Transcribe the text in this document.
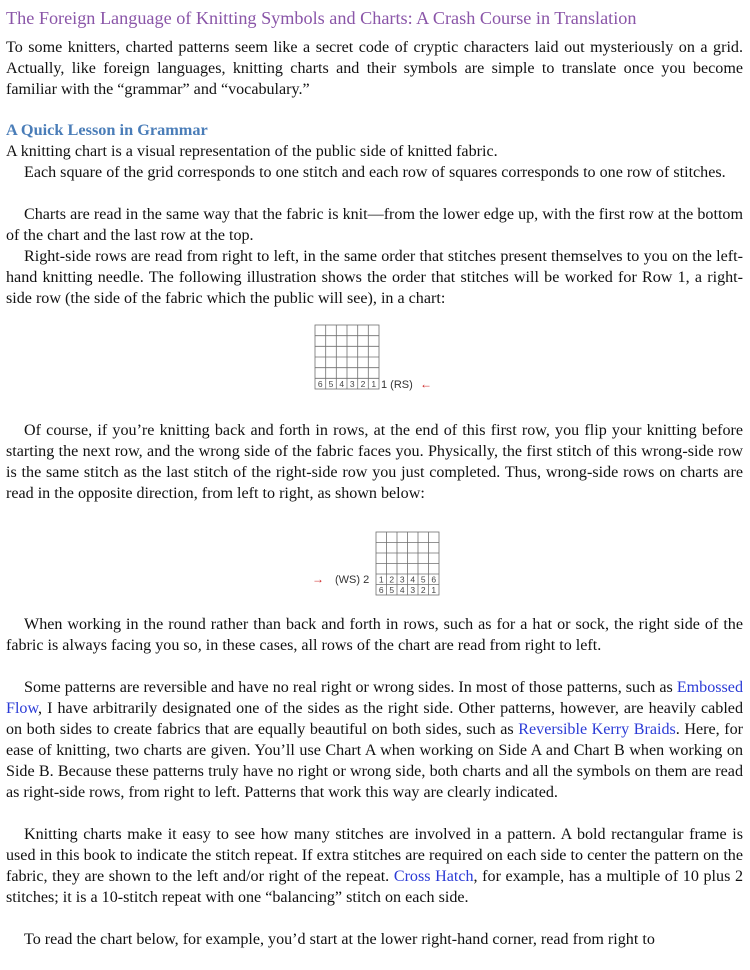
The Foreign Language of Knitting Symbols and Charts: A Crash Course in Translation

To some knitters, charted patterns seem like a secret code of cryptic characters laid out mysteriously on a grid. Actually, like foreign languages, knitting charts and their symbols are simple to translate once you become familiar with the “grammar” and “vocabulary.”

A Quick Lesson in Grammar

A knitting chart is a visual representation of the public side of knitted fabric.

Each square of the grid corresponds to one stitch and each row of squares corresponds to one row of stitches.

Charts are read in the same way that the fabric is knit—from the lower edge up, with the first row at the bottom of the chart and the last row at the top.

Right-side rows are read from right to left, in the same order that stitches present themselves to you on the left-hand knitting needle. The following illustration shows the order that stitches will be worked for Row 1, a right-side row (the side of the fabric which the public will see), in a chart:

6 5 4 3 2 1 1 (RS) ←

Of course, if you’re knitting back and forth in rows, at the end of this first row, you flip your knitting before starting the next row, and the wrong side of the fabric faces you. Physically, the first stitch of this wrong-side row is the same stitch as the last stitch of the right-side row you just completed. Thus, wrong-side rows on charts are read in the opposite direction, from left to right, as shown below:

→ (WS) 2 1 2 3 4 5 6
6 5 4 3 2 1

When working in the round rather than back and forth in rows, such as for a hat or sock, the right side of the fabric is always facing you so, in these cases, all rows of the chart are read from right to left.

Some patterns are reversible and have no real right or wrong sides. In most of those patterns, such as Embossed Flow, I have arbitrarily designated one of the sides as the right side. Other patterns, however, are heavily cabled on both sides to create fabrics that are equally beautiful on both sides, such as Reversible Kerry Braids. Here, for ease of knitting, two charts are given. You’ll use Chart A when working on Side A and Chart B when working on Side B. Because these patterns truly have no right or wrong side, both charts and all the symbols on them are read as right-side rows, from right to left. Patterns that work this way are clearly indicated.

Knitting charts make it easy to see how many stitches are involved in a pattern. A bold rectangular frame is used in this book to indicate the stitch repeat. If extra stitches are required on each side to center the pattern on the fabric, they are shown to the left and/or right of the repeat. Cross Hatch, for example, has a multiple of 10 plus 2 stitches; it is a 10-stitch repeat with one “balancing” stitch on each side.

To read the chart below, for example, you’d start at the lower right-hand corner, read from right to
